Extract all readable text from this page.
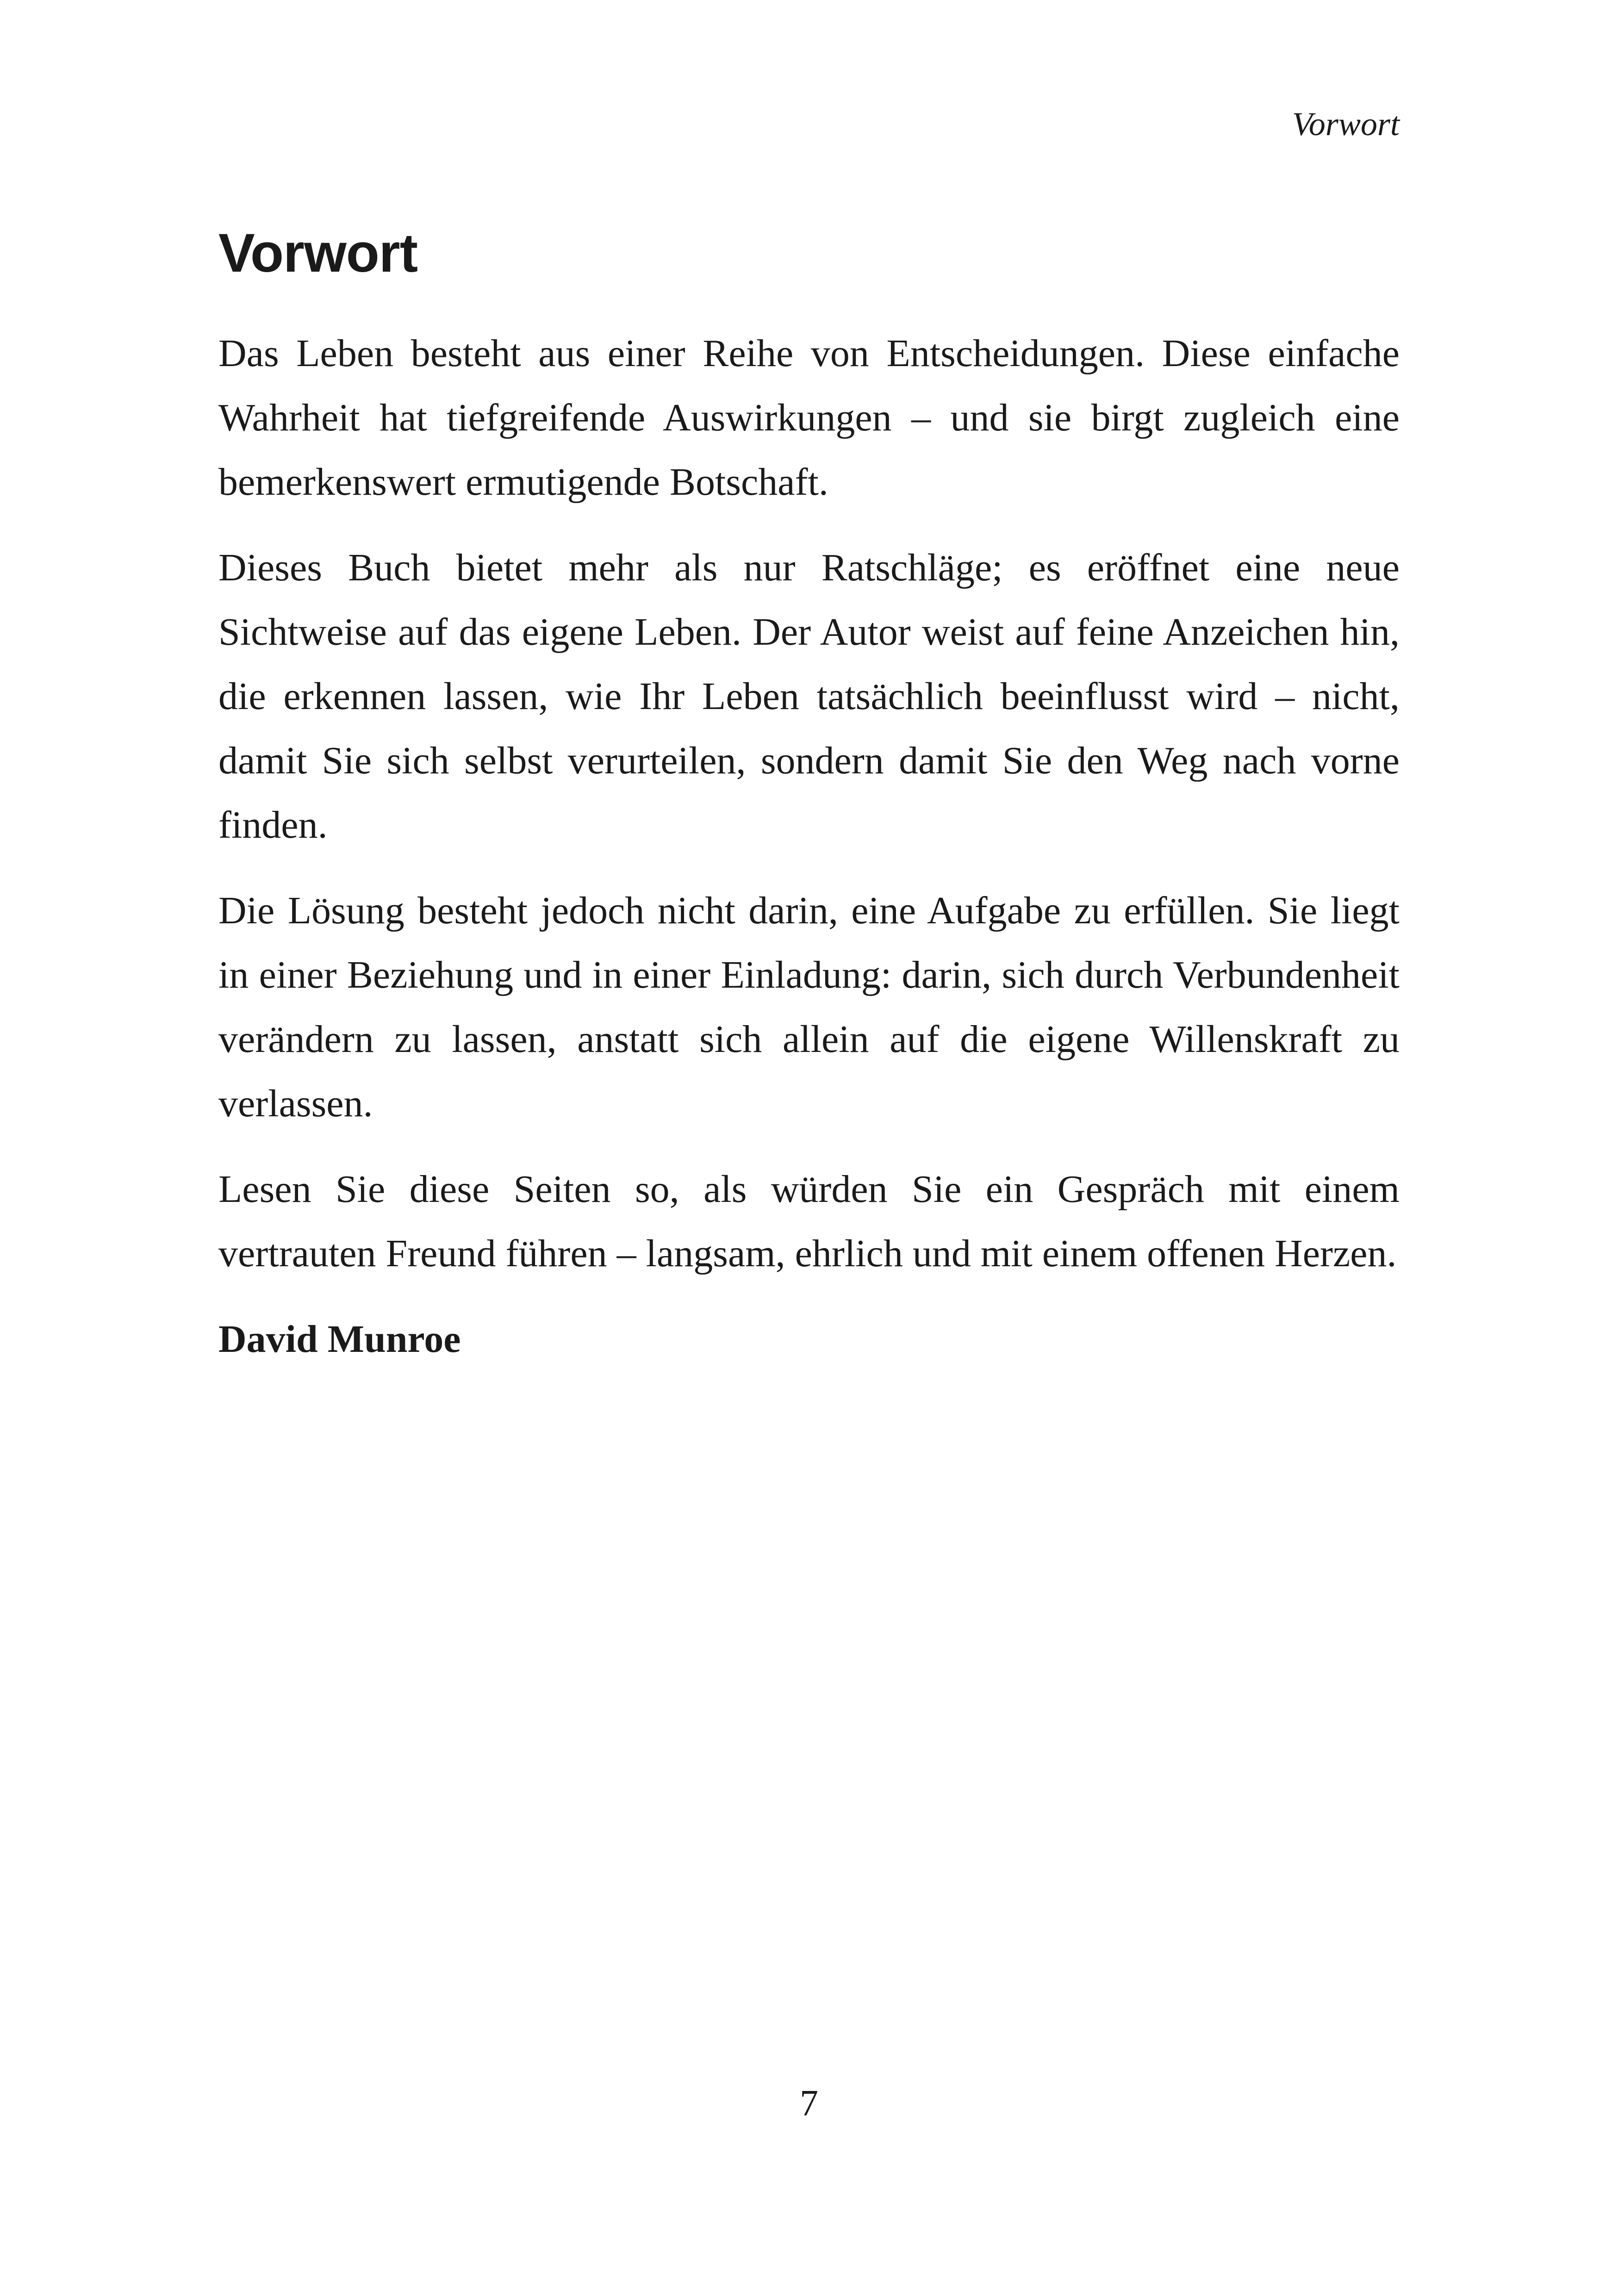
Vorwort
Vorwort

Das Leben besteht aus einer Reihe von Entscheidungen. Diese einfache Wahrheit hat tiefgreifende Auswirkungen – und sie birgt zugleich eine bemerkenswert ermutigende Botschaft.

Dieses Buch bietet mehr als nur Ratschläge; es eröffnet eine neue Sichtweise auf das eigene Leben. Der Autor weist auf feine Anzeichen hin, die erkennen lassen, wie Ihr Leben tatsächlich beeinflusst wird – nicht, damit Sie sich selbst verurteilen, sondern damit Sie den Weg nach vorne finden.

Die Lösung besteht jedoch nicht darin, eine Aufgabe zu erfüllen. Sie liegt in einer Beziehung und in einer Einladung: darin, sich durch Verbundenheit verändern zu lassen, anstatt sich allein auf die eigene Willenskraft zu verlassen.

Lesen Sie diese Seiten so, als würden Sie ein Gespräch mit einem vertrauten Freund führen – langsam, ehrlich und mit einem offenen Herzen.

David Munroe

7
